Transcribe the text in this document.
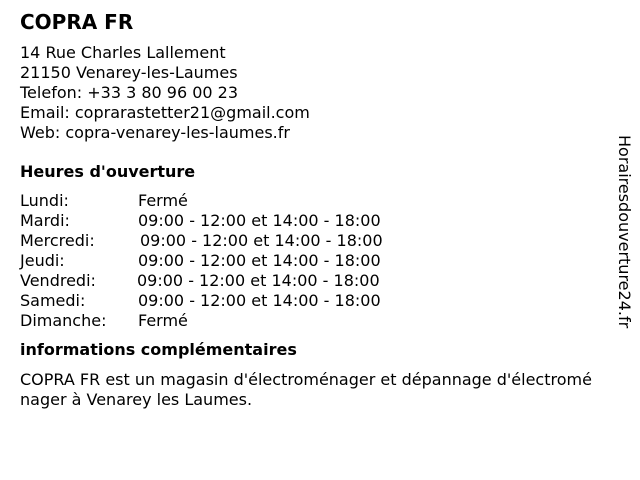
COPRA FR
14 Rue Charles Lallement
21150 Venarey-les-Laumes
Telefon: +33 3 80 96 00 23
Email: coprarastetter21@gmail.com
Web: copra-venarey-les-laumes.fr
Heures d'ouverture
Lundi:	Fermé
Mardi:	09:00 - 12:00 et 14:00 - 18:00
Mercredi:	09:00 - 12:00 et 14:00 - 18:00
Jeudi:	09:00 - 12:00 et 14:00 - 18:00
Vendredi:	09:00 - 12:00 et 14:00 - 18:00
Samedi:	09:00 - 12:00 et 14:00 - 18:00
Dimanche: Fermé
informations complémentaires
COPRA FR est un magasin d'électroménager et dépannage d'électroménager à Venarey les Laumes.
Horairesdouverture24.fr
